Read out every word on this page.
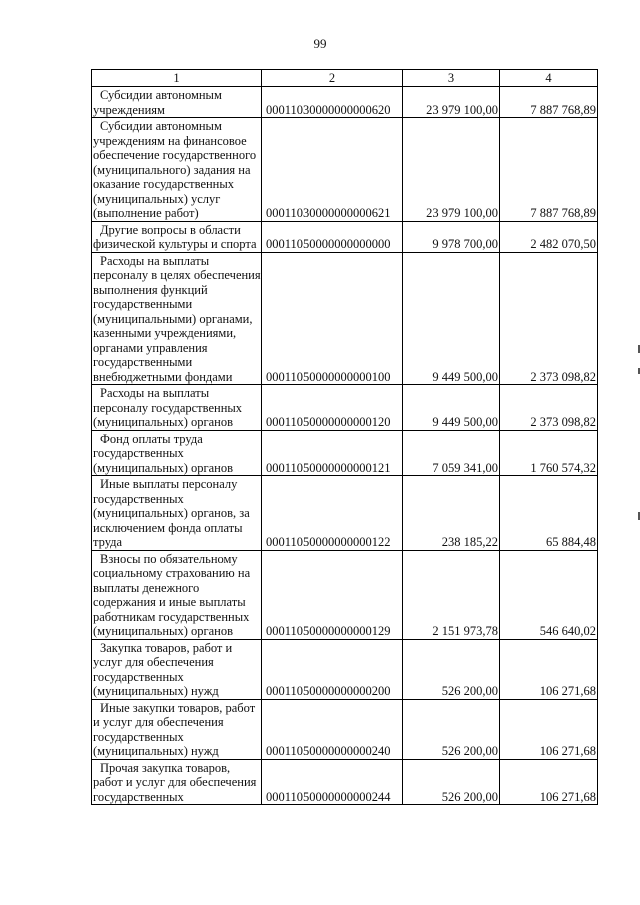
99
1	2	3	4

Субсидии автономным учреждениям	00011030000000000620	23 979 100,00	7 887 768,89

Субсидии автономным учреждениям на финансовое обеспечение государственного (муниципального) задания на оказание государственных (муниципальных) услуг (выполнение работ)	00011030000000000621	23 979 100,00	7 887 768,89

Другие вопросы в области физической культуры и спорта	00011050000000000000	9 978 700,00	2 482 070,50

Расходы на выплаты персоналу в целях обеспечения выполнения функций государственными (муниципальными) органами, казенными учреждениями, органами управления государственными внебюджетными фондами	00011050000000000100	9 449 500,00	2 373 098,82

Расходы на выплаты персоналу государственных (муниципальных) органов	00011050000000000120	9 449 500,00	2 373 098,82

Фонд оплаты труда государственных (муниципальных) органов	00011050000000000121	7 059 341,00	1 760 574,32

Иные выплаты персоналу государственных (муниципальных) органов, за исключением фонда оплаты труда	00011050000000000122	238 185,22	65 884,48

Взносы по обязательному социальному страхованию на выплаты денежного содержания и иные выплаты работникам государственных (муниципальных) органов	00011050000000000129	2 151 973,78	546 640,02

Закупка товаров, работ и услуг для обеспечения государственных (муниципальных) нужд	00011050000000000200	526 200,00	106 271,68

Иные закупки товаров, работ и услуг для обеспечения государственных (муниципальных) нужд	00011050000000000240	526 200,00	106 271,68

Прочая закупка товаров, работ и услуг для обеспечения государственных	00011050000000000244	526 200,00	106 271,68
